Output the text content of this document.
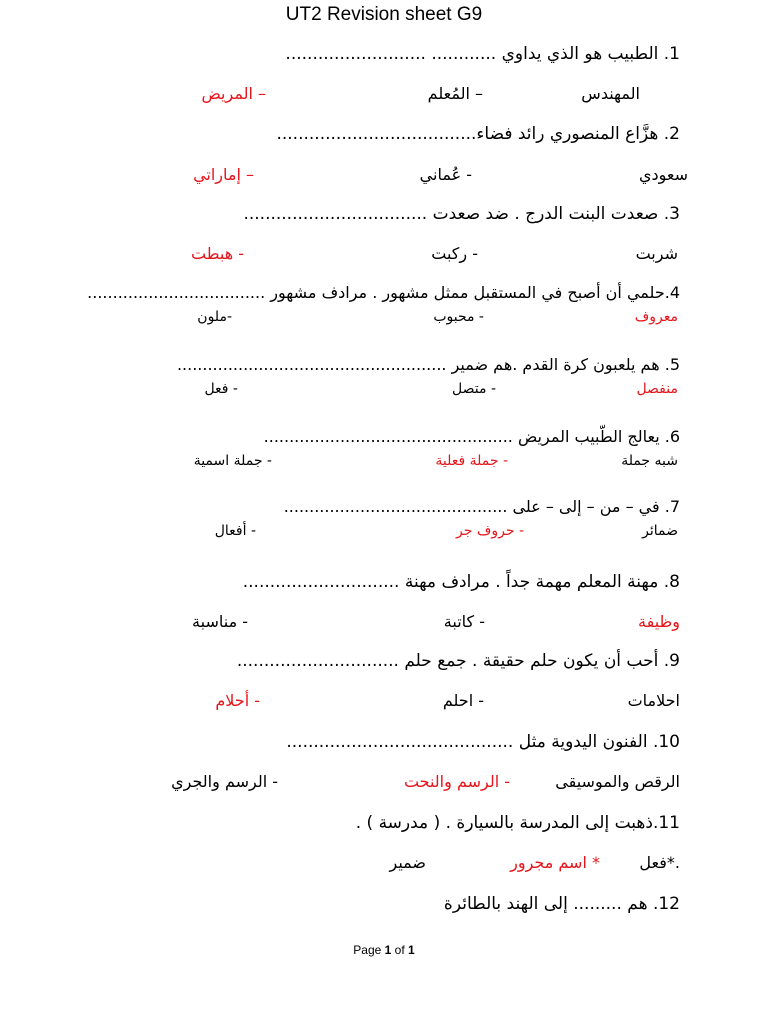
UT2 Revision sheet G9
1. الطبيب هو الذي يداوي ............ ..........................
المهندس
– المُعلم
– المريض
2. هزَّاع المنصوري رائد فضاء.....................................
سعودي
- عُماني
– إماراتي
3. صعدت البنت الدرج . ضد صعدت ..................................
شربت
- ركبت
- هبطت
4.حلمي أن أصبح في المستقبل ممثل مشهور . مرادف مشهور ...................................
معروف
- محبوب
-ملون
5. هم يلعبون كرة القدم .هم ضمير .....................................................
منفصل
- متصل
- فعل
6. يعالج الطّبيب المريض .................................................
شبه جملة
- جملة فعلية
- جملة اسمية
7. في – من – إلى – على ............................................
ضمائر
- حروف جر
- أفعال
8. مهنة المعلم مهمة جداً . مرادف مهنة .............................
وظيفة
- كاتبة
- مناسبة
9. أحب أن يكون حلم حقيقة . جمع حلم ..............................
احلامات
- احلم
- أحلام
10. الفنون اليدوية مثل ..........................................
الرقص والموسيقى
- الرسم والنحت
- الرسم والجري
11.ذهبت إلى المدرسة بالسيارة . ( مدرسة ) .
.*فعل
* اسم مجرور
ضمير
12. هم ......... إلى الهند بالطائرة
Page 1 of 1
